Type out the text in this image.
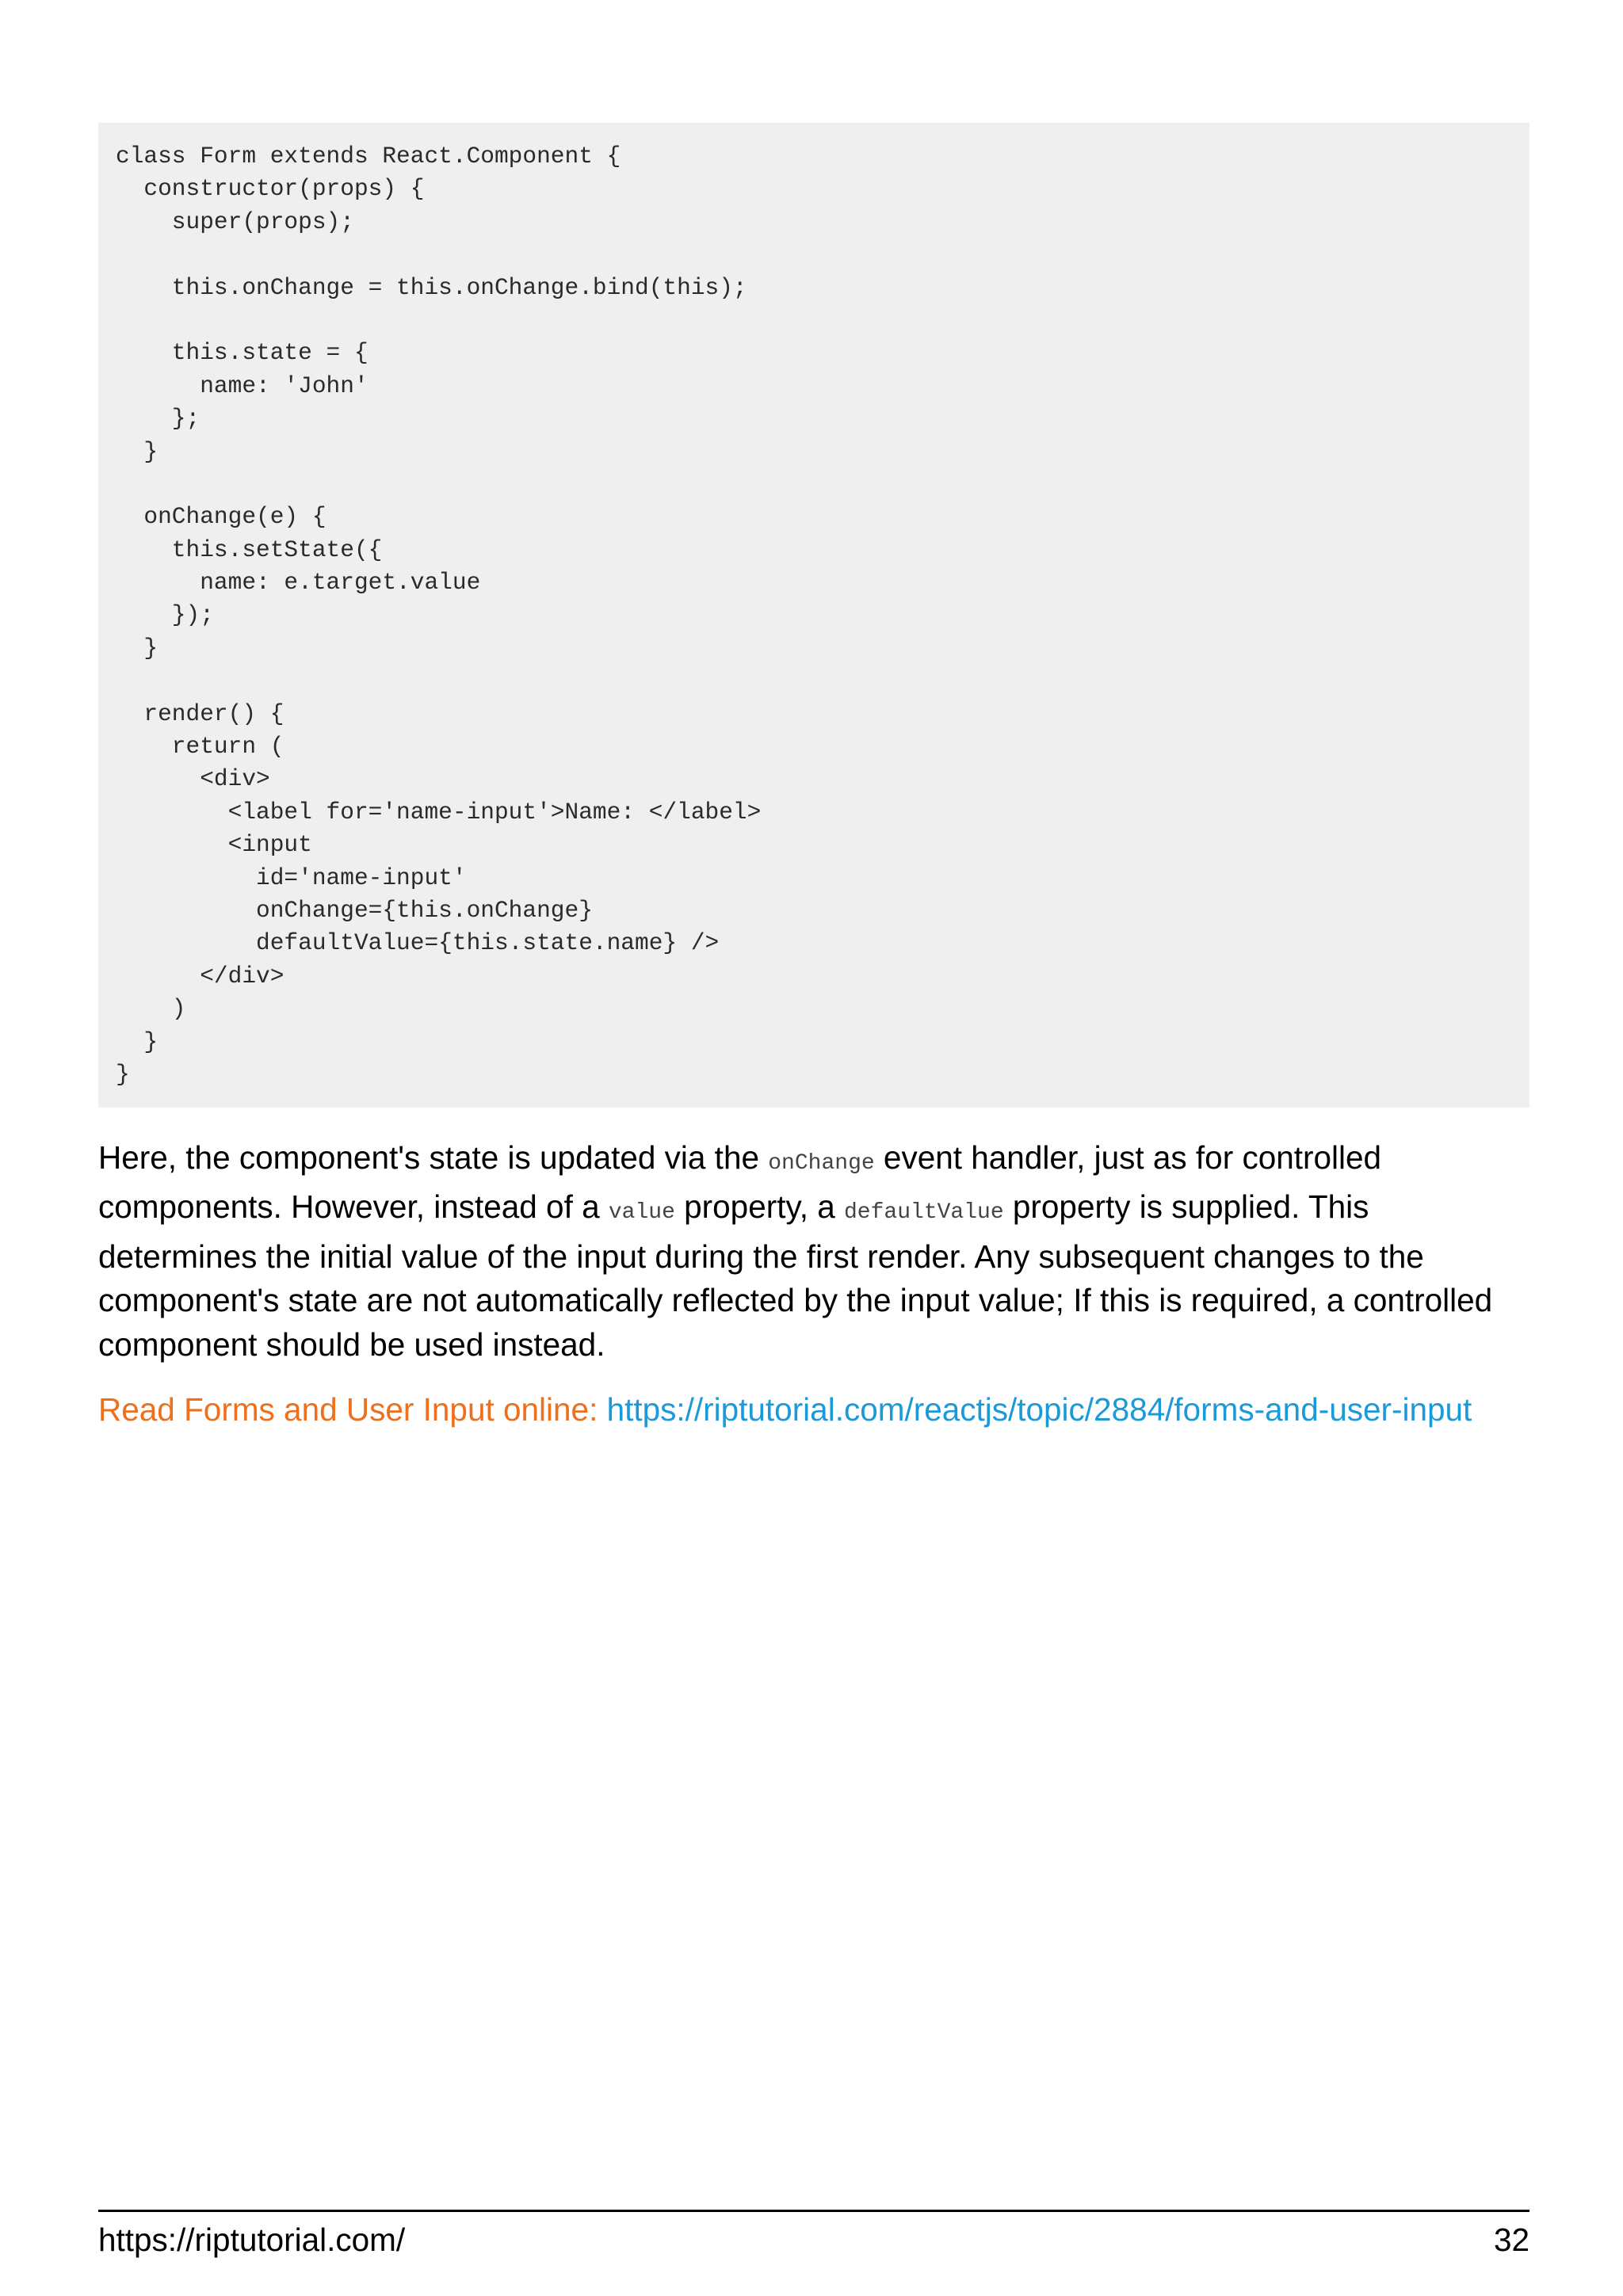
class Form extends React.Component {
constructor(props) {
super(props);
this.onChange = this.onChange.bind(this);
this.state = {
name: 'John'
};
}
onChange(e) {
this.setState({
name: e.target.value
});
}
render() {
return (
<div>
<label for='name-input'>Name: </label>
<input
id='name-input'
onChange={this.onChange}
defaultValue={this.state.name} />
</div>
)
}
}

Here, the component's state is updated via the onChange event handler, just as for controlled components. However, instead of a value property, a defaultValue property is supplied. This determines the initial value of the input during the first render. Any subsequent changes to the component's state are not automatically reflected by the input value; If this is required, a controlled component should be used instead.

Read Forms and User Input online: https://riptutorial.com/reactjs/topic/2884/forms-and-user-input
https://riptutorial.com/	32
